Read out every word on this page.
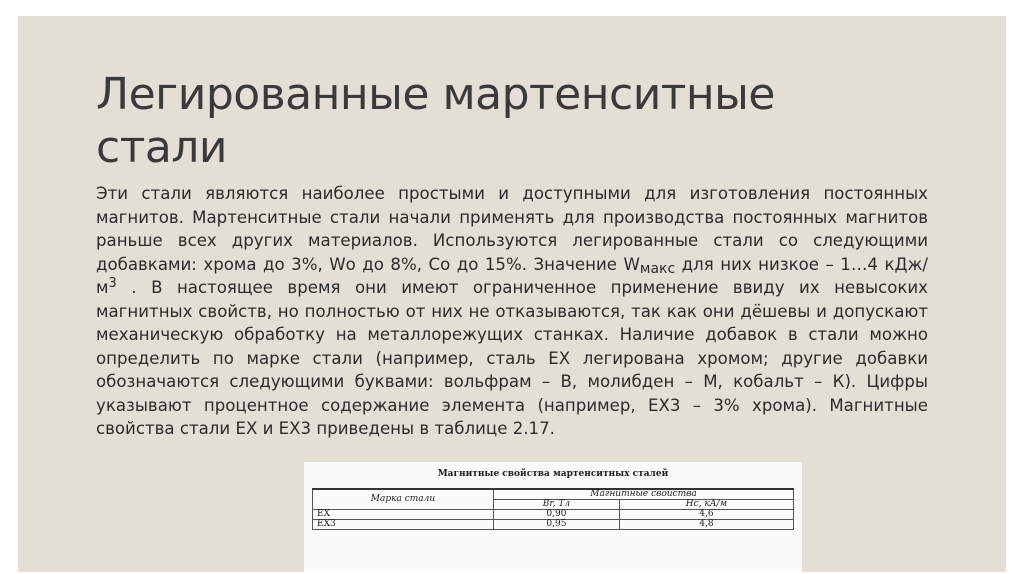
Легированные мартенситные стали

Эти стали являются наиболее простыми и доступными для изготовления постоянных магнитов. Мартенситные стали начали применять для производства постоянных магнитов раньше всех других материалов. Используются легированные стали со следующими добавками: хрома до 3%, Wо до 8%, Со до 15%. Значение $W_{макс}$ для них низкое – 1…4 кДж/ $м^3$ . В настоящее время они имеют ограниченное применение ввиду их невысоких магнитных свойств, но полностью от них не отказываются, так как они дёшевы и допускают механическую обработку на металлорежущих станках. Наличие добавок в стали можно определить по марке стали (например, сталь ЕХ легирована хромом; другие добавки обозначаются следующими буквами: вольфрам – В, молибден – М, кобальт – К). Цифры указывают процентное содержание элемента (например, ЕХ3 – 3% хрома). Магнитные свойства стали ЕХ и ЕХ3 приведены в таблице 2.17.

Магнитные свойства мартенситных сталей
Марка стали	Магнитные свойства	
	Br, Тл	Hc, кА/м
ЕХ	0,90	4,6
ЕХ3	0,95	4,8
